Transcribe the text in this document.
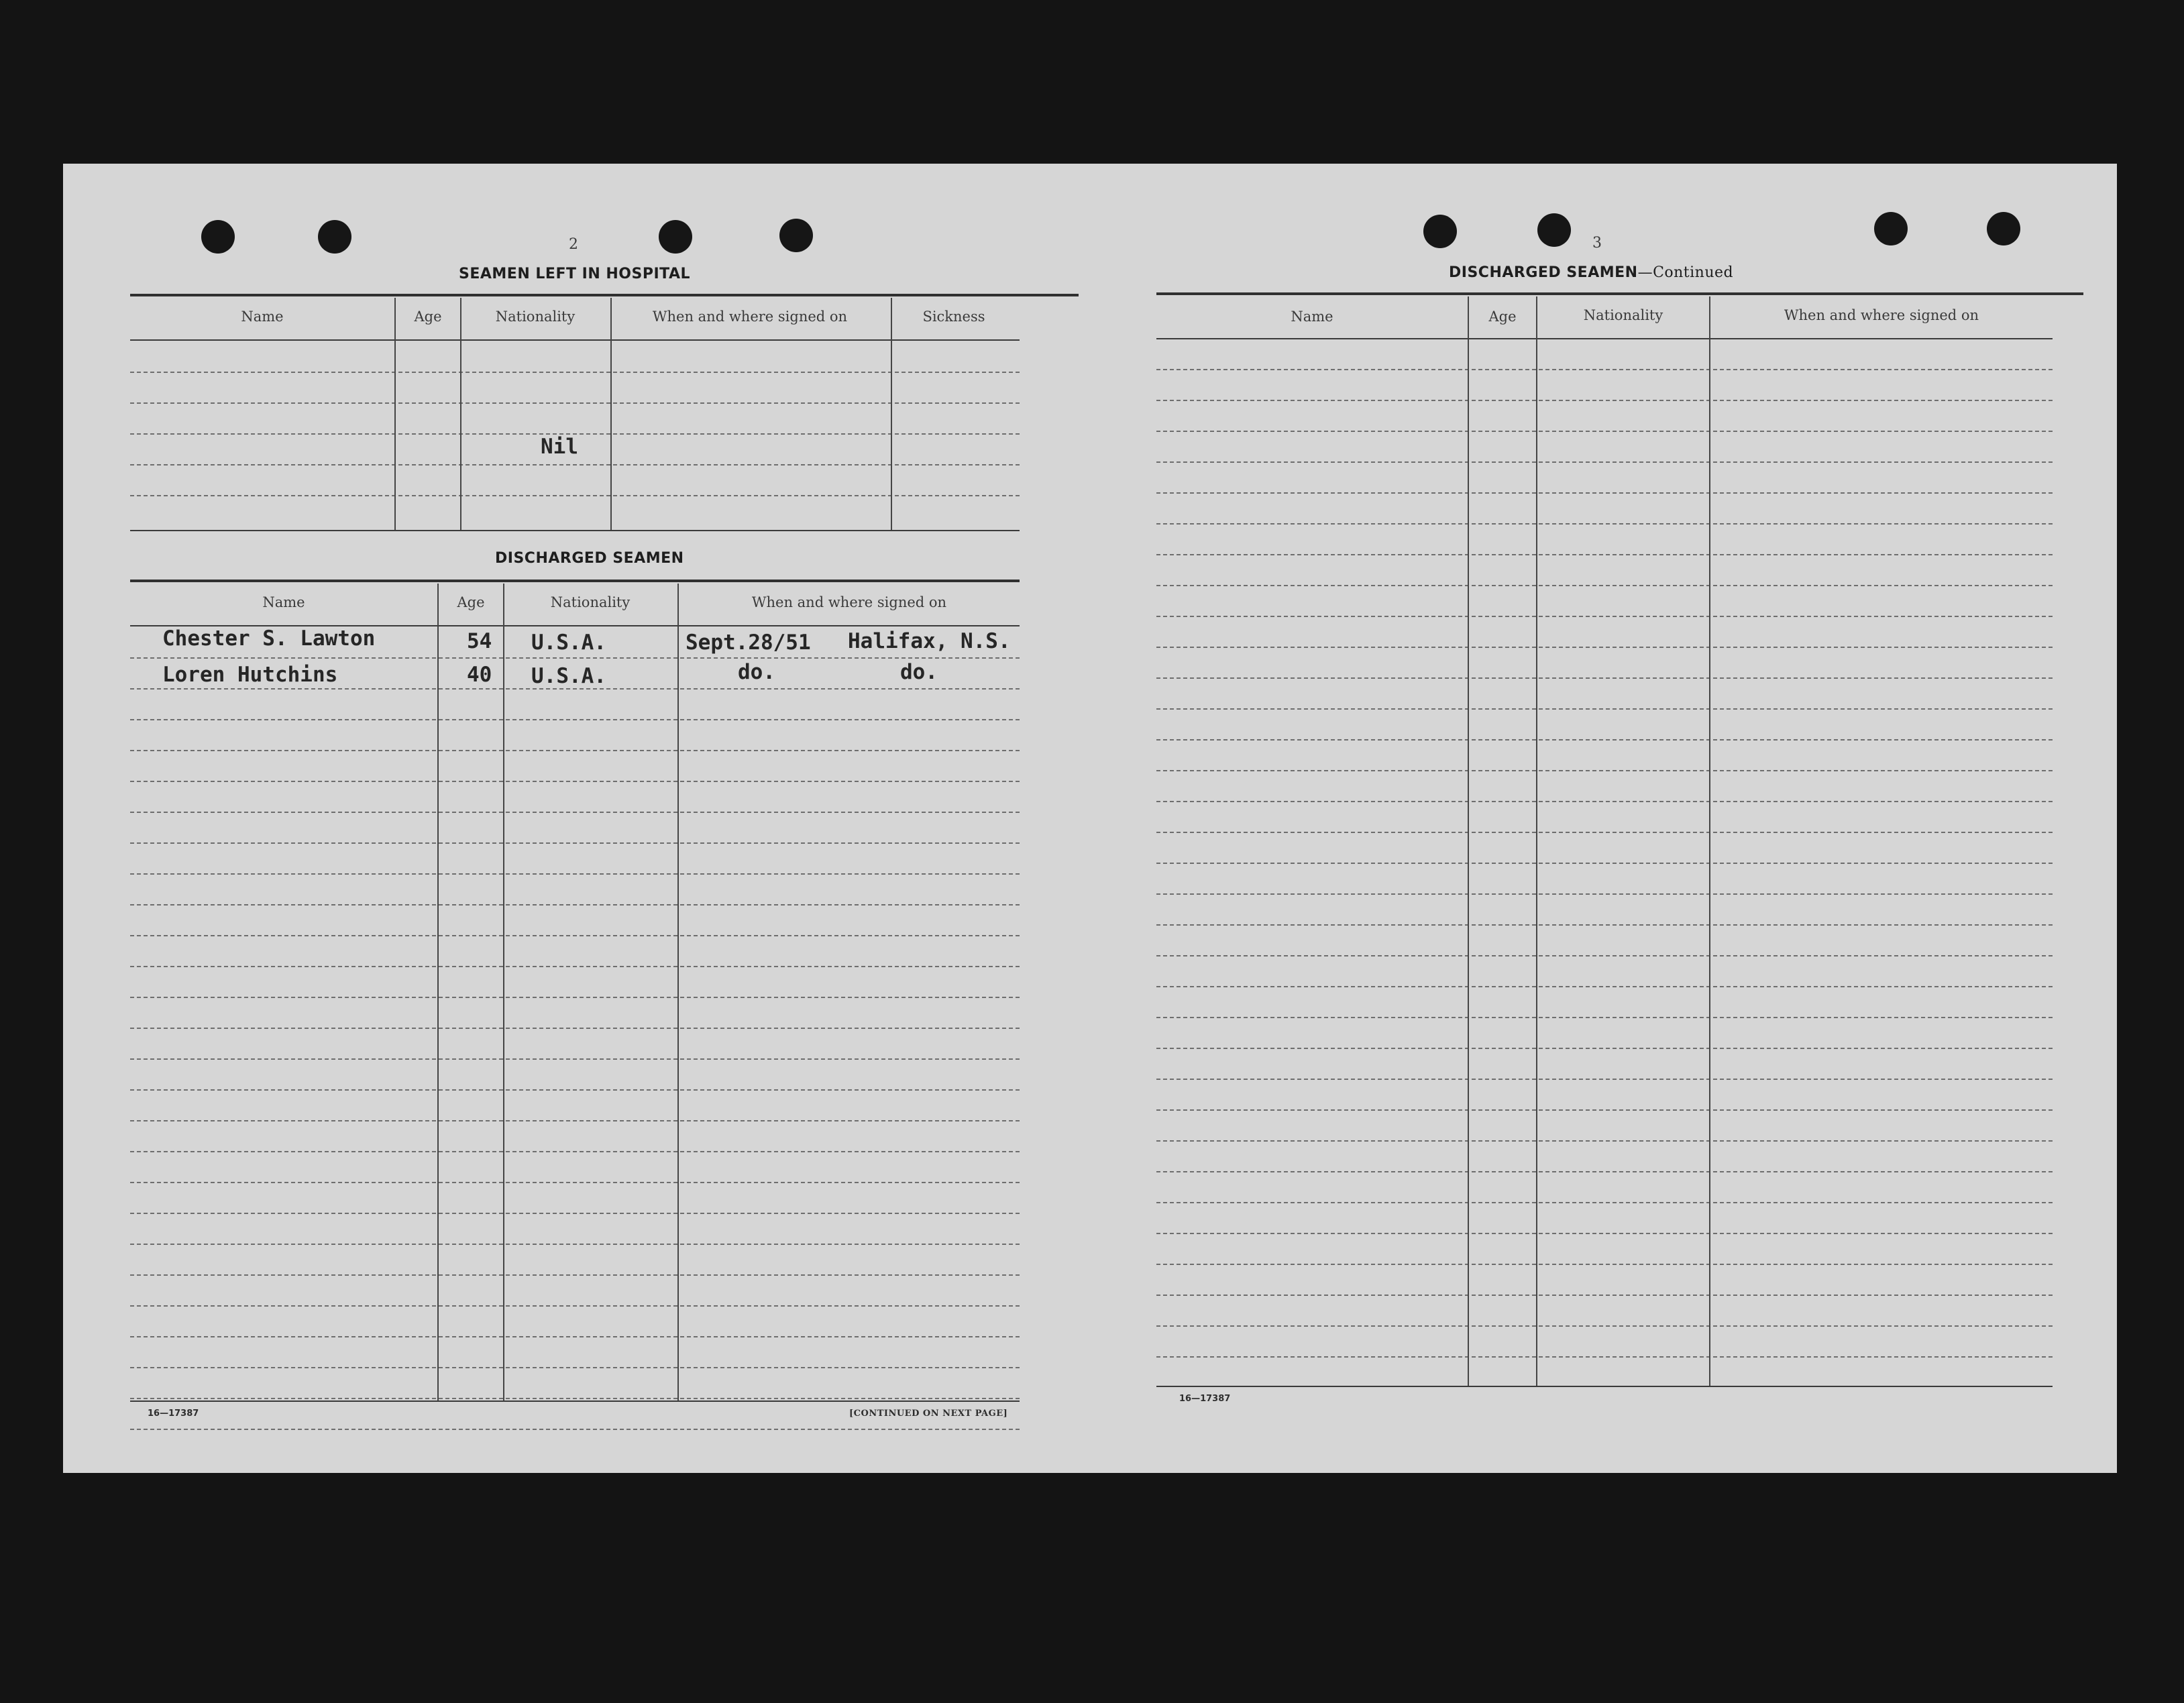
2
SEAMEN LEFT IN HOSPITAL
Name	Age	Nationality	When and where signed on	Sickness
Nil
DISCHARGED SEAMEN
Name	Age	Nationality	When and where signed on
Chester S. Lawton	54 U.S.A.	Sept.28/51 Halifax, N.S.
Loren Hutchins	40 U.S.A.	do.	do.
16—17387	[CONTINUED ON NEXT PAGE]
3
DISCHARGED SEAMEN—Continued
Name	Age	Nationality	When and where signed on
16—17387
